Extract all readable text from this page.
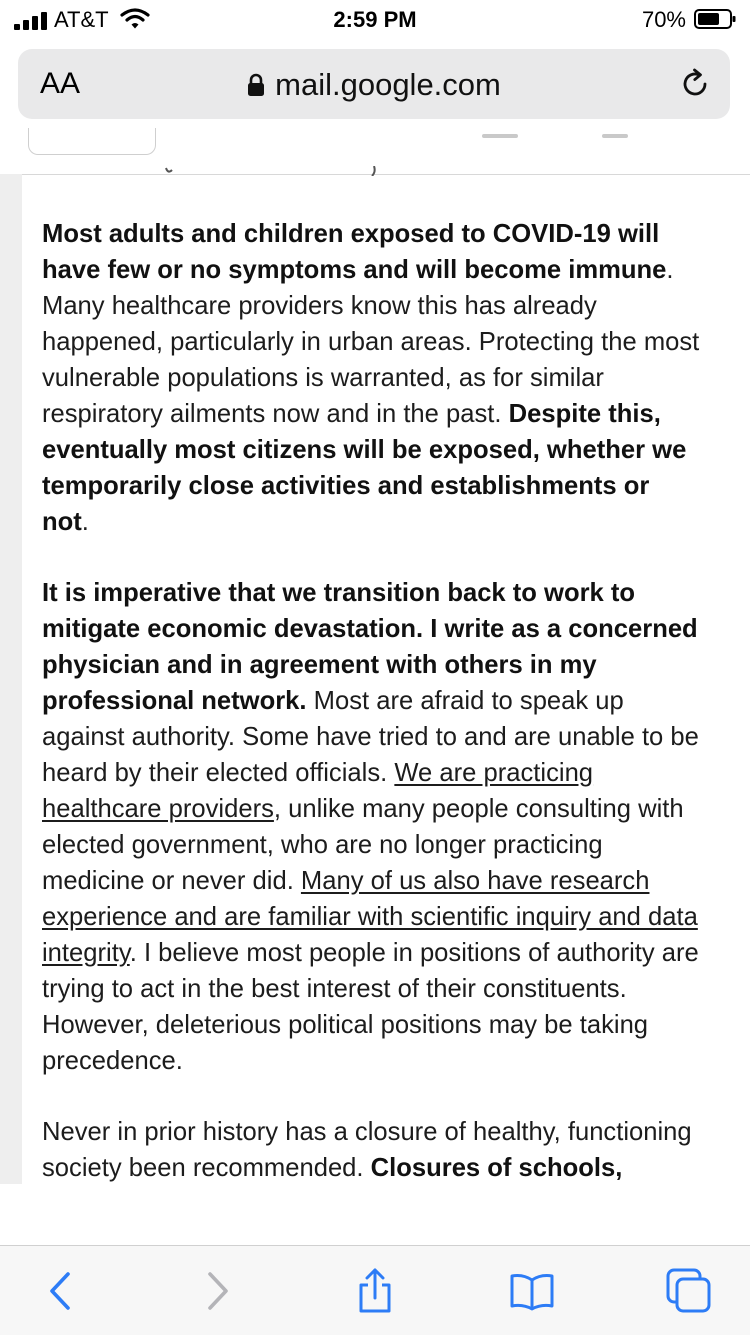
AT&T	2:59 PM	70%
AA	mail.google.com

Most adults and children exposed to COVID-19 will
have few or no symptoms and will become immune.
Many healthcare providers know this has already
happened, particularly in urban areas. Protecting the most
vulnerable populations is warranted, as for similar
respiratory ailments now and in the past. Despite this,
eventually most citizens will be exposed, whether we
temporarily close activities and establishments or
not.

It is imperative that we transition back to work to
mitigate economic devastation. I write as a concerned
physician and in agreement with others in my
professional network. Most are afraid to speak up
against authority. Some have tried to and are unable to be
heard by their elected officials. We are practicing
healthcare providers, unlike many people consulting with
elected government, who are no longer practicing
medicine or never did. Many of us also have research
experience and are familiar with scientific inquiry and data
integrity. I believe most people in positions of authority are
trying to act in the best interest of their constituents.
However, deleterious political positions may be taking
precedence.

Never in prior history has a closure of healthy, functioning
society been recommended. Closures of schools,
